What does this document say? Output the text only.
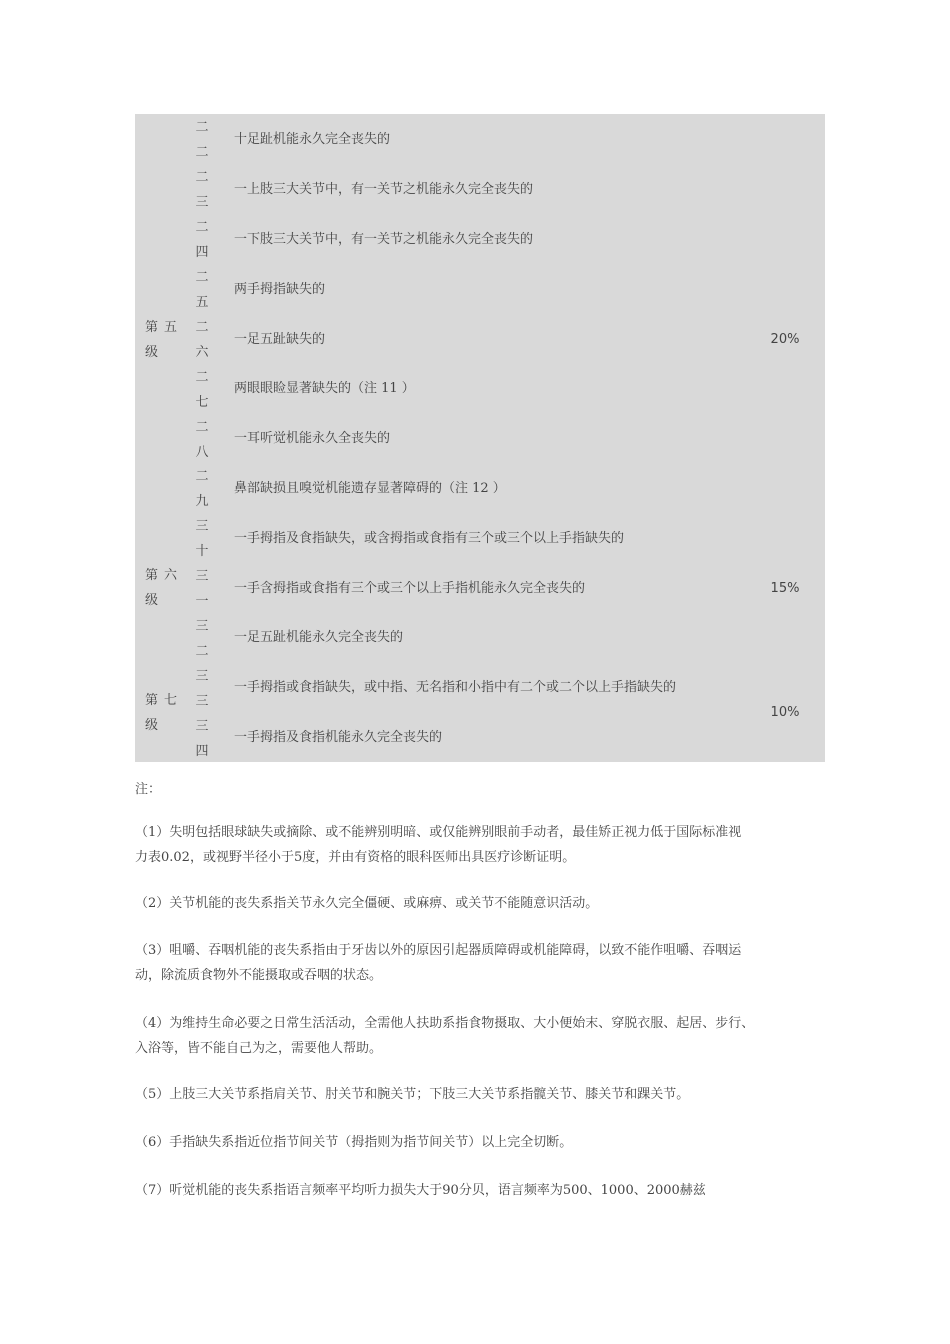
第五
级
第六
级
第七
级
20%
15%
10%
二
二
二
三
二
四
二
五
二
六
二
七
二
八
二
九
三
十
三
一
三
二
三
三
三
四
十足趾机能永久完全丧失的
一上肢三大关节中，有一关节之机能永久完全丧失的
一下肢三大关节中，有一关节之机能永久完全丧失的
两手拇指缺失的
一足五趾缺失的
两眼眼睑显著缺失的（注 11 ）
一耳听觉机能永久全丧失的
鼻部缺损且嗅觉机能遗存显著障碍的（注 12 ）
一手拇指及食指缺失，或含拇指或食指有三个或三个以上手指缺失的
一手含拇指或食指有三个或三个以上手指机能永久完全丧失的
一足五趾机能永久完全丧失的
一手拇指或食指缺失，或中指、无名指和小指中有二个或二个以上手指缺失的
一手拇指及食指机能永久完全丧失的
注：
（1）失明包括眼球缺失或摘除、或不能辨别明暗、或仅能辨别眼前手动者，最佳矫正视力低于国际标准视
力表0.02，或视野半径小于5度，并由有资格的眼科医师出具医疗诊断证明。
（2）关节机能的丧失系指关节永久完全僵硬、或麻痹、或关节不能随意识活动。
（3）咀嚼、吞咽机能的丧失系指由于牙齿以外的原因引起器质障碍或机能障碍，以致不能作咀嚼、吞咽运
动，除流质食物外不能摄取或吞咽的状态。
（4）为维持生命必要之日常生活活动，全需他人扶助系指食物摄取、大小便始末、穿脱衣服、起居、步行、
入浴等，皆不能自己为之，需要他人帮助。
（5）上肢三大关节系指肩关节、肘关节和腕关节；下肢三大关节系指髋关节、膝关节和踝关节。
（6）手指缺失系指近位指节间关节（拇指则为指节间关节）以上完全切断。
（7）听觉机能的丧失系指语言频率平均听力损失大于90分贝，语言频率为500、1000、2000赫兹
